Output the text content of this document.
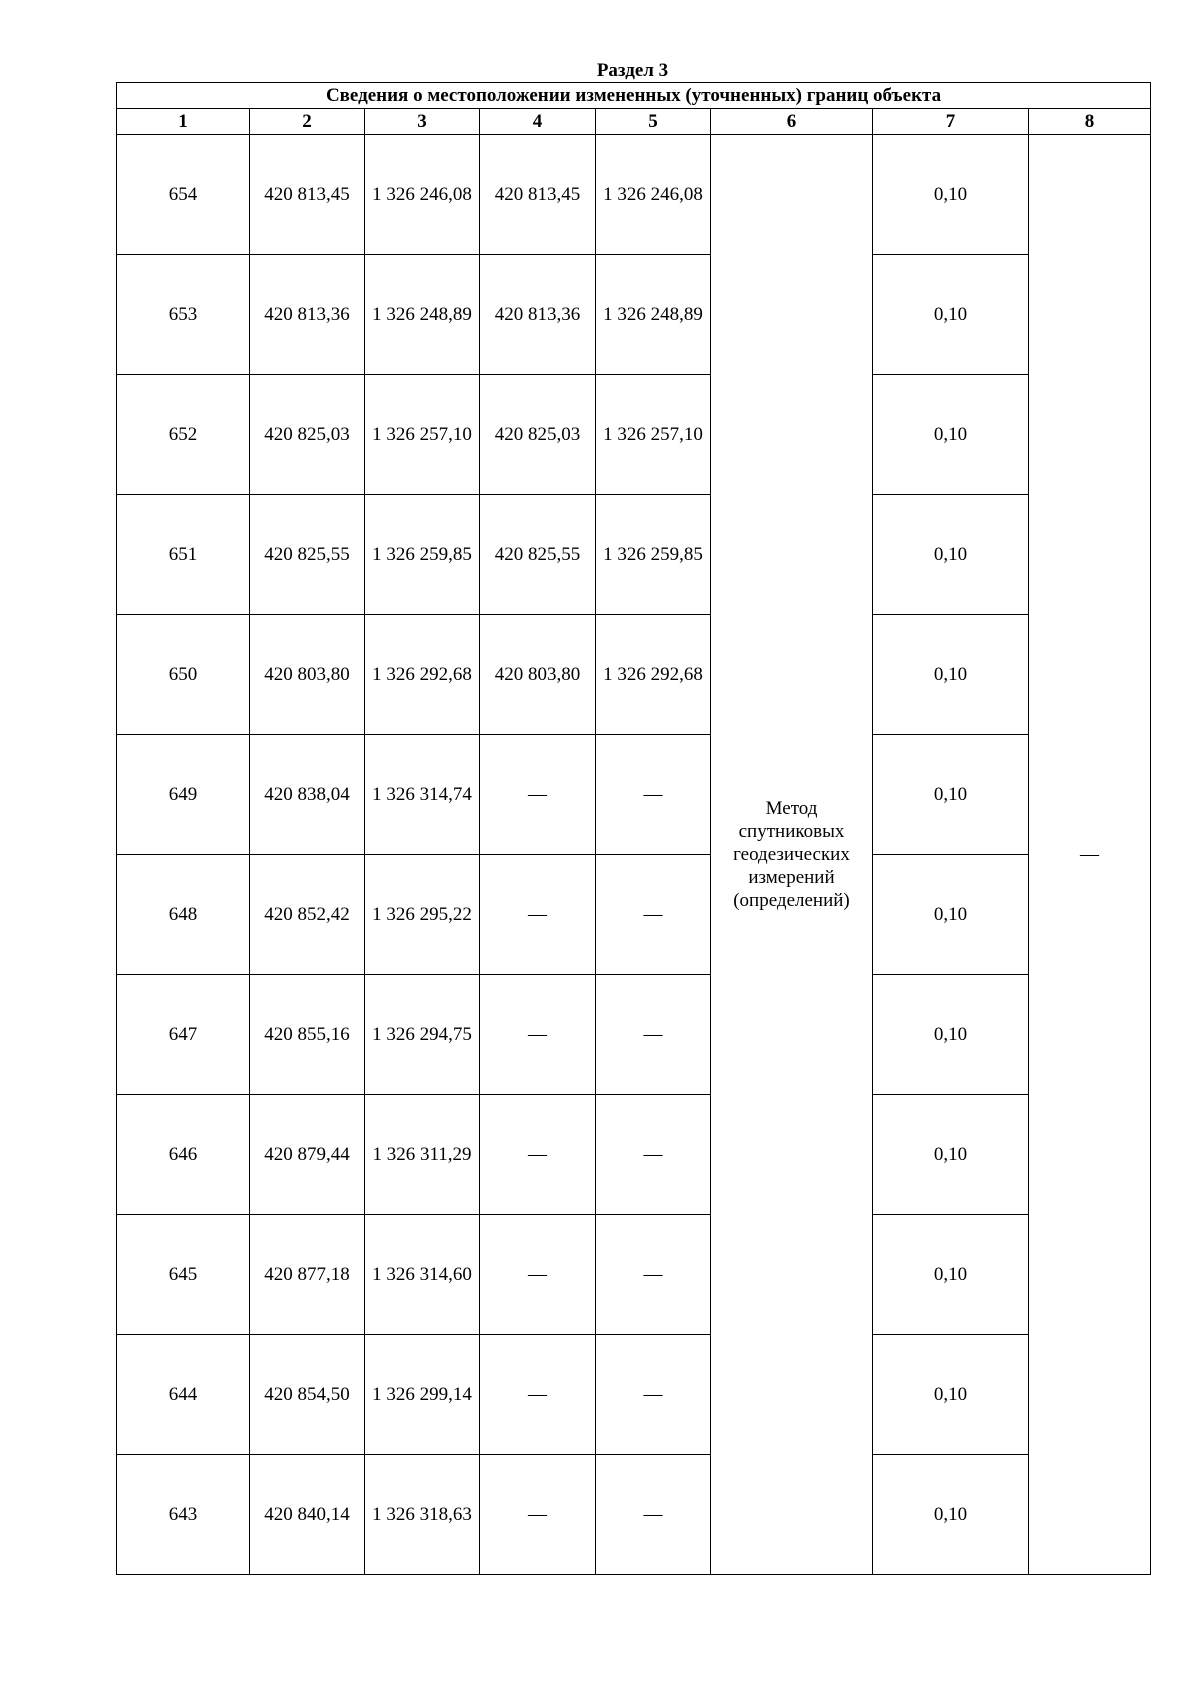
Раздел 3
Сведения о местоположении измененных (уточненных) границ объекта							
1	2	3	4	5	6	7	8
654	420 813,45	1 326 246,08	420 813,45	1 326 246,08	Метод спутниковых геодезических измерений (определений)	0,10	—
653	420 813,36	1 326 248,89	420 813,36	1 326 248,89		0,10	
652	420 825,03	1 326 257,10	420 825,03	1 326 257,10		0,10	
651	420 825,55	1 326 259,85	420 825,55	1 326 259,85		0,10	
650	420 803,80	1 326 292,68	420 803,80	1 326 292,68		0,10	
649	420 838,04	1 326 314,74	—	—		0,10	
648	420 852,42	1 326 295,22	—	—		0,10	
647	420 855,16	1 326 294,75	—	—		0,10	
646	420 879,44	1 326 311,29	—	—		0,10	
645	420 877,18	1 326 314,60	—	—		0,10	
644	420 854,50	1 326 299,14	—	—		0,10	
643	420 840,14	1 326 318,63	—	—		0,10	
